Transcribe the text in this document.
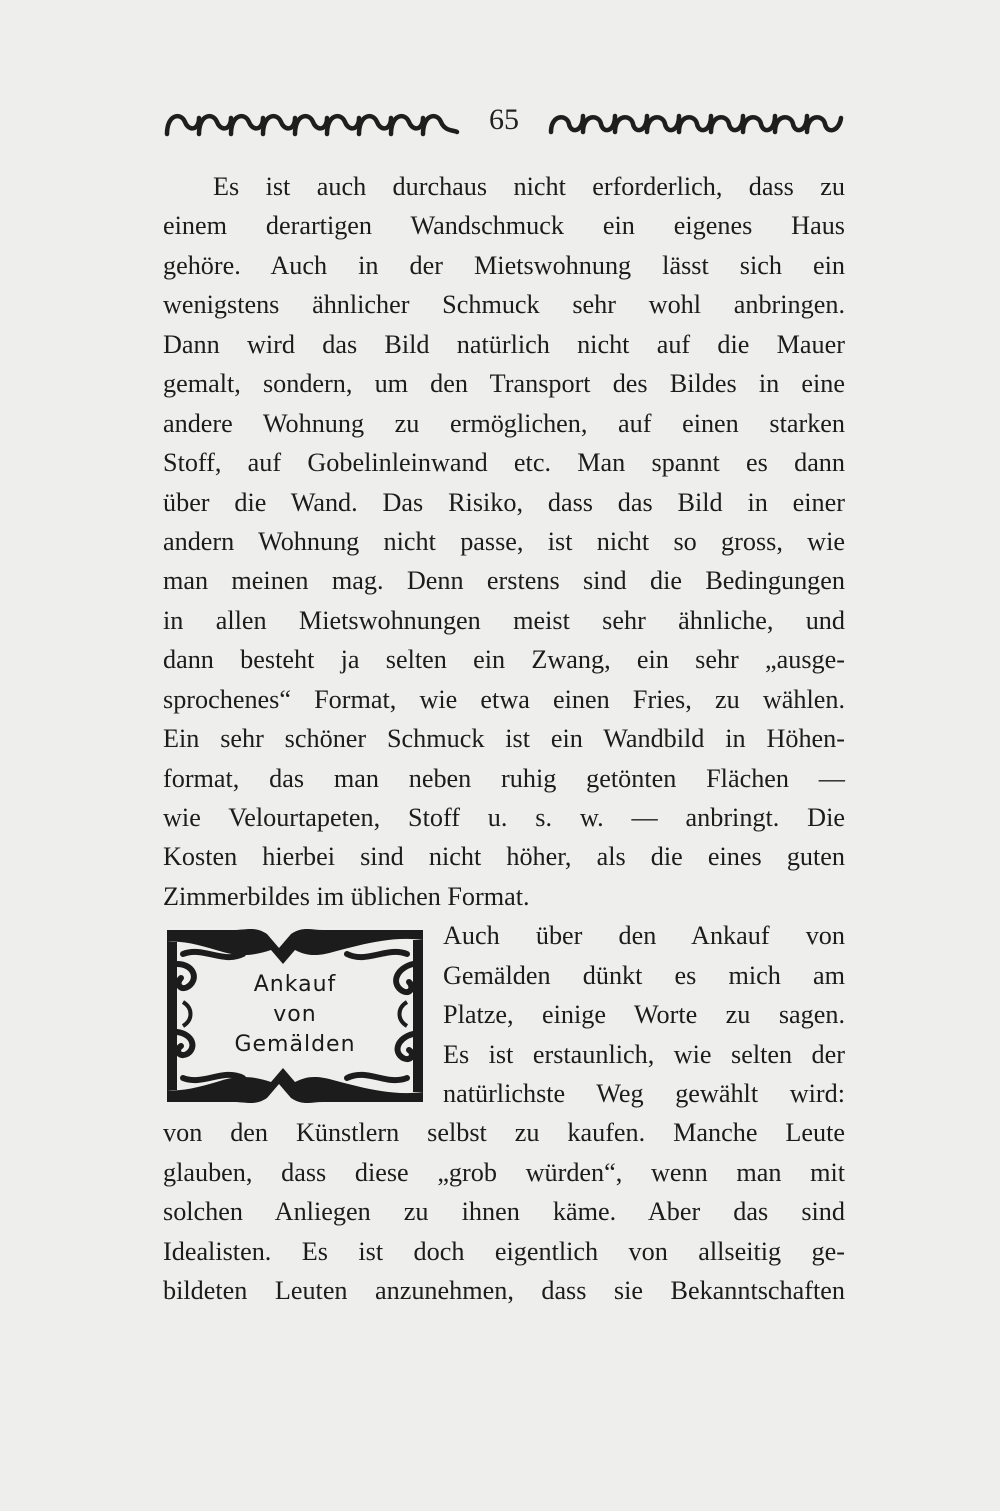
65
Es ist auch durchaus nicht erforderlich, dass zu
einem derartigen Wandschmuck ein eigenes Haus
gehöre. Auch in der Mietswohnung lässt sich ein
wenigstens ähnlicher Schmuck sehr wohl anbringen.
Dann wird das Bild natürlich nicht auf die Mauer
gemalt, sondern, um den Transport des Bildes in eine
andere Wohnung zu ermöglichen, auf einen starken
Stoff, auf Gobelinleinwand etc. Man spannt es dann
über die Wand. Das Risiko, dass das Bild in einer
andern Wohnung nicht passe, ist nicht so gross, wie
man meinen mag. Denn erstens sind die Bedingungen
in allen Mietswohnungen meist sehr ähnliche, und
dann besteht ja selten ein Zwang, ein sehr „ausge-
sprochenes“ Format, wie etwa einen Fries, zu wählen.
Ein sehr schöner Schmuck ist ein Wandbild in Höhen-
format, das man neben ruhig getönten Flächen —
wie Velourtapeten, Stoff u. s. w. — anbringt. Die
Kosten hierbei sind nicht höher, als die eines guten
Zimmerbildes im üblichen Format.
Ankauf
von
Gemälden
Auch über den Ankauf von
Gemälden dünkt es mich am
Platze, einige Worte zu sagen.
Es ist erstaunlich, wie selten der
natürlichste Weg gewählt wird:
von den Künstlern selbst zu kaufen. Manche Leute
glauben, dass diese „grob würden“, wenn man mit
solchen Anliegen zu ihnen käme. Aber das sind
Idealisten. Es ist doch eigentlich von allseitig ge-
bildeten Leuten anzunehmen, dass sie Bekanntschaften
